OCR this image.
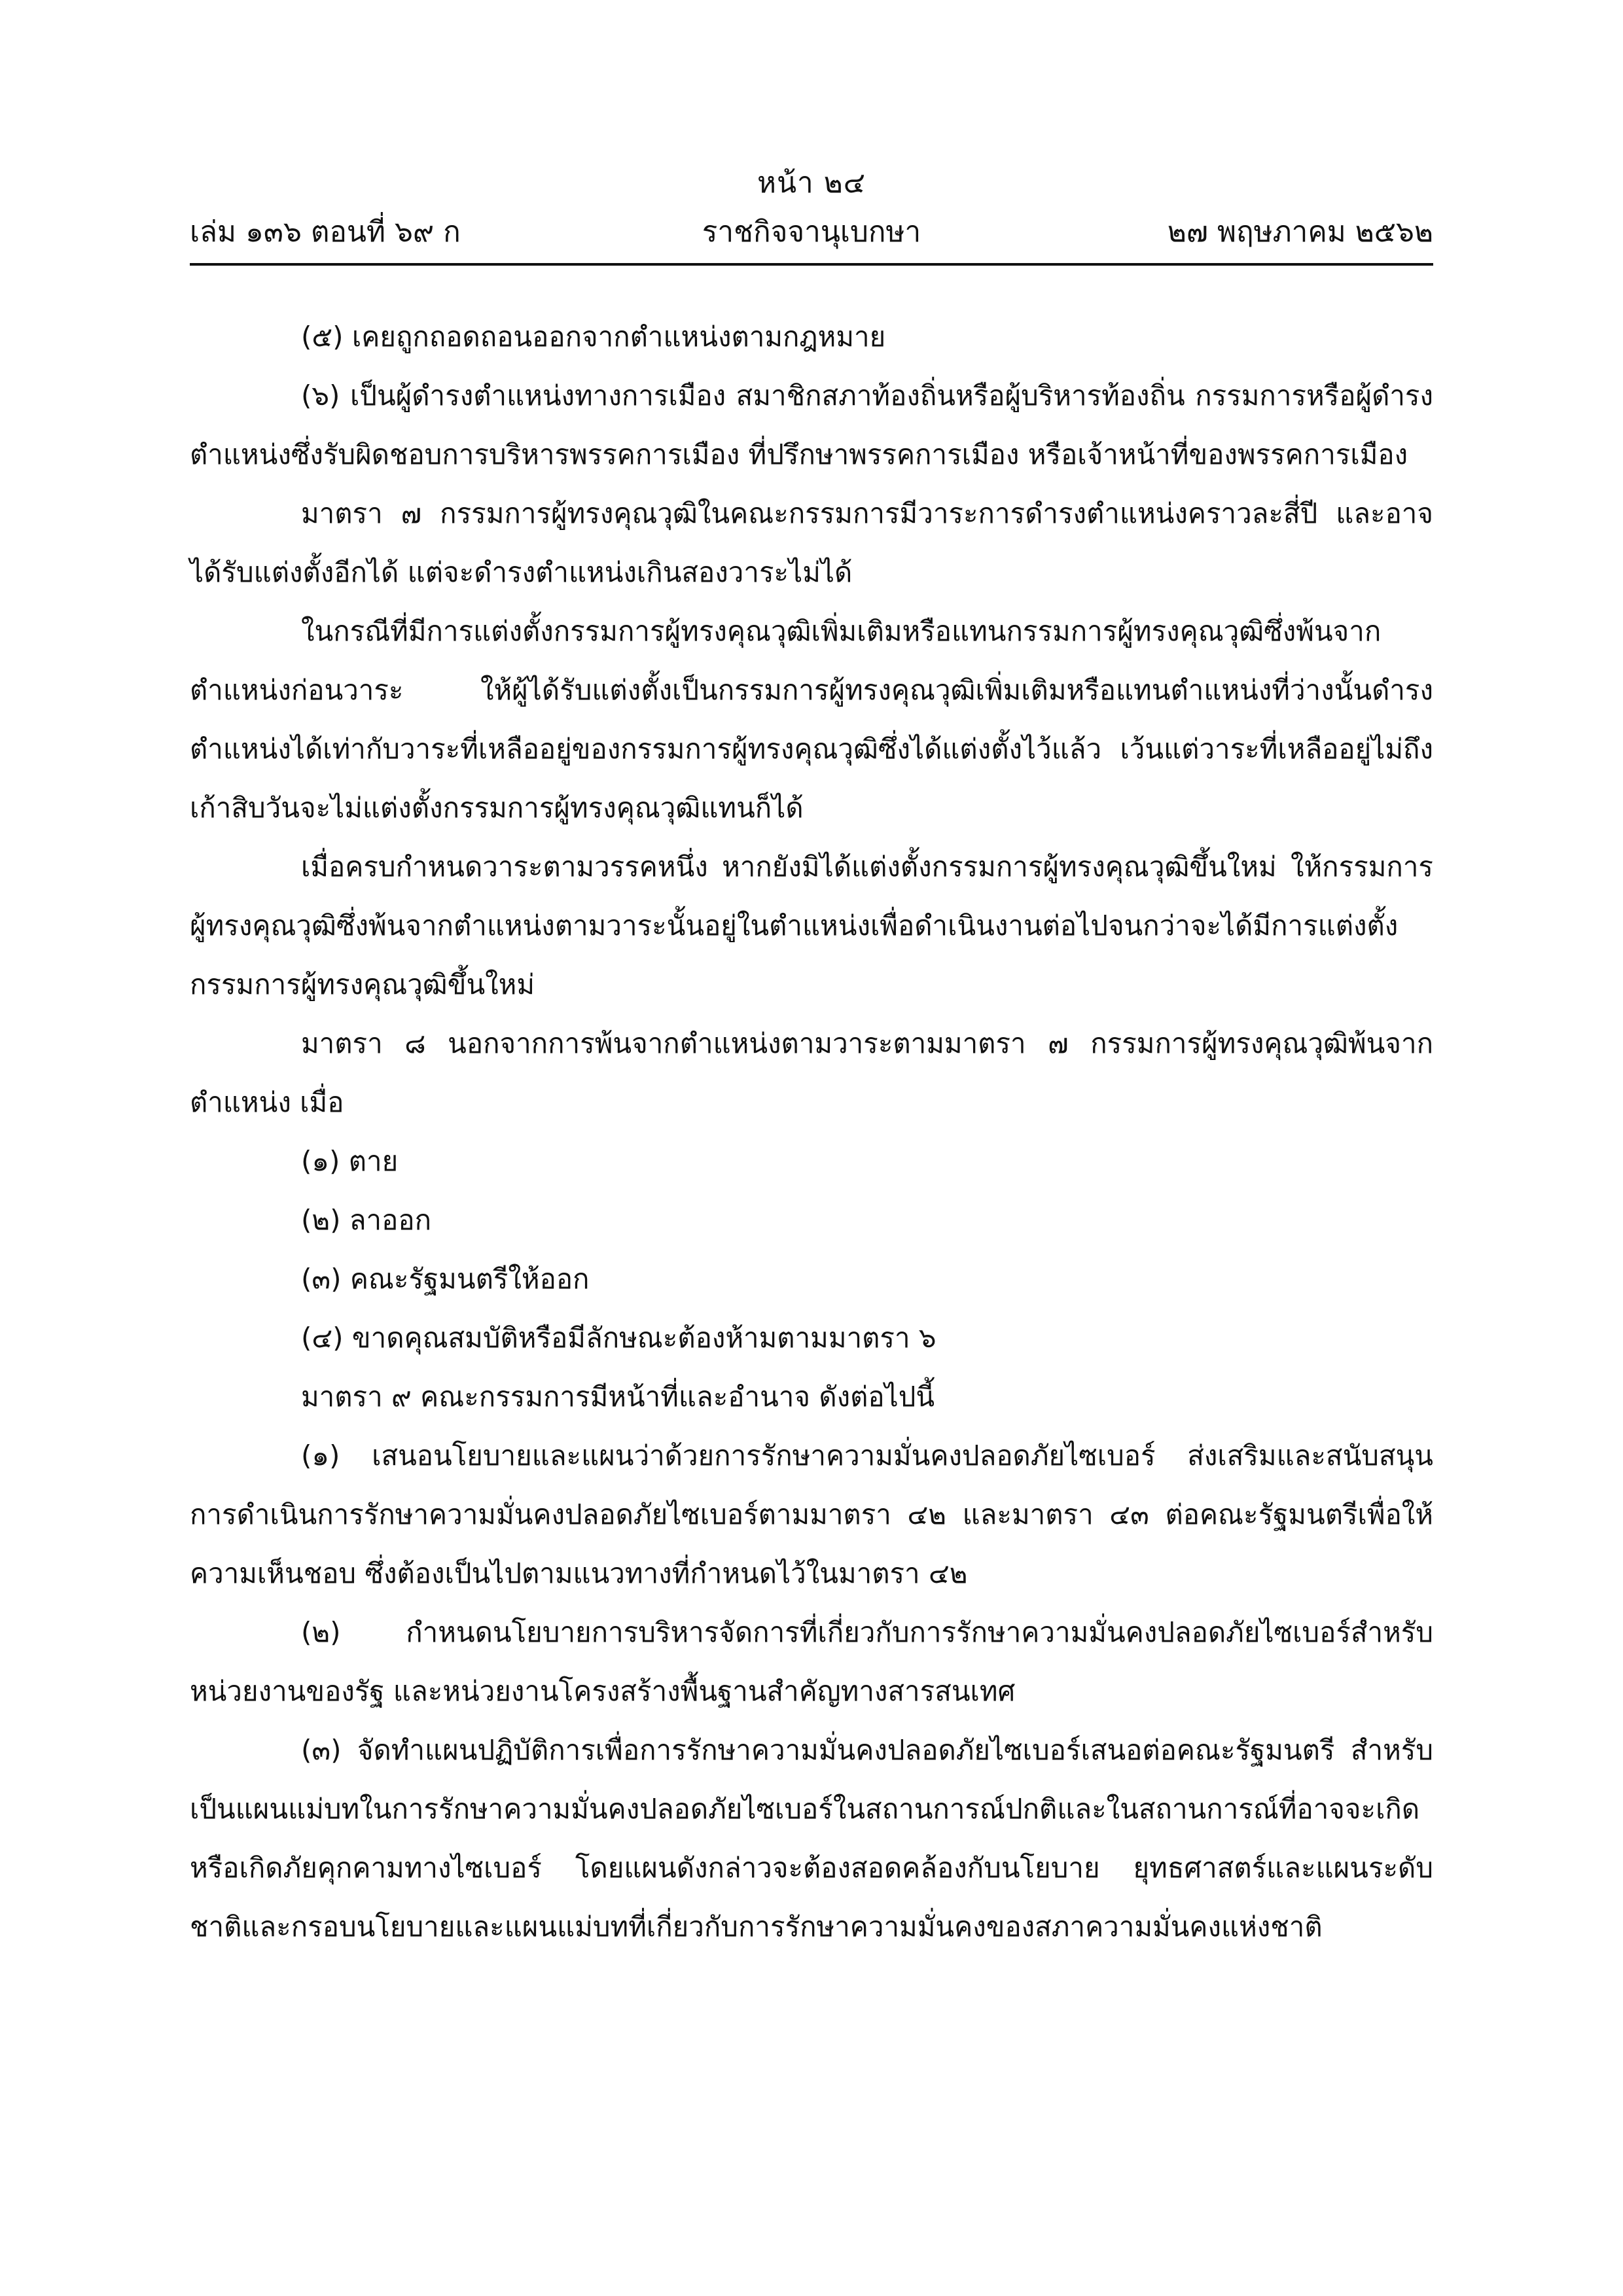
หน้า ๒๔
เล่ม ๑๓๖ ตอนที่ ๖๙ ก	ราชกิจจานุเบกษา	๒๗ พฤษภาคม ๒๕๖๒

(๕) เคยถูกถอดถอนออกจากตำแหน่งตามกฎหมาย

(๖) เป็นผู้ดำรงตำแหน่งทางการเมือง สมาชิกสภาท้องถิ่นหรือผู้บริหารท้องถิ่น กรรมการหรือผู้ดำรงตำแหน่งซึ่งรับผิดชอบการบริหารพรรคการเมือง ที่ปรึกษาพรรคการเมือง หรือเจ้าหน้าที่ของพรรคการเมือง

มาตรา ๗ กรรมการผู้ทรงคุณวุฒิในคณะกรรมการมีวาระการดำรงตำแหน่งคราวละสี่ปี และอาจได้รับแต่งตั้งอีกได้ แต่จะดำรงตำแหน่งเกินสองวาระไม่ได้

ในกรณีที่มีการแต่งตั้งกรรมการผู้ทรงคุณวุฒิเพิ่มเติมหรือแทนกรรมการผู้ทรงคุณวุฒิซึ่งพ้นจากตำแหน่งก่อนวาระ ให้ผู้ได้รับแต่งตั้งเป็นกรรมการผู้ทรงคุณวุฒิเพิ่มเติมหรือแทนตำแหน่งที่ว่างนั้นดำรงตำแหน่งได้เท่ากับวาระที่เหลืออยู่ของกรรมการผู้ทรงคุณวุฒิซึ่งได้แต่งตั้งไว้แล้ว เว้นแต่วาระที่เหลืออยู่ไม่ถึงเก้าสิบวันจะไม่แต่งตั้งกรรมการผู้ทรงคุณวุฒิแทนก็ได้

เมื่อครบกำหนดวาระตามวรรคหนึ่ง หากยังมิได้แต่งตั้งกรรมการผู้ทรงคุณวุฒิขึ้นใหม่ ให้กรรมการผู้ทรงคุณวุฒิซึ่งพ้นจากตำแหน่งตามวาระนั้นอยู่ในตำแหน่งเพื่อดำเนินงานต่อไปจนกว่าจะได้มีการแต่งตั้งกรรมการผู้ทรงคุณวุฒิขึ้นใหม่

มาตรา ๘ นอกจากการพ้นจากตำแหน่งตามวาระตามมาตรา ๗ กรรมการผู้ทรงคุณวุฒิพ้นจากตำแหน่ง เมื่อ

(๑) ตาย

(๒) ลาออก

(๓) คณะรัฐมนตรีให้ออก

(๔) ขาดคุณสมบัติหรือมีลักษณะต้องห้ามตามมาตรา ๖

มาตรา ๙ คณะกรรมการมีหน้าที่และอำนาจ ดังต่อไปนี้

(๑) เสนอนโยบายและแผนว่าด้วยการรักษาความมั่นคงปลอดภัยไซเบอร์ ส่งเสริมและสนับสนุนการดำเนินการรักษาความมั่นคงปลอดภัยไซเบอร์ตามมาตรา ๔๒ และมาตรา ๔๓ ต่อคณะรัฐมนตรีเพื่อให้ความเห็นชอบ ซึ่งต้องเป็นไปตามแนวทางที่กำหนดไว้ในมาตรา ๔๒

(๒) กำหนดนโยบายการบริหารจัดการที่เกี่ยวกับการรักษาความมั่นคงปลอดภัยไซเบอร์สำหรับหน่วยงานของรัฐ และหน่วยงานโครงสร้างพื้นฐานสำคัญทางสารสนเทศ

(๓) จัดทำแผนปฏิบัติการเพื่อการรักษาความมั่นคงปลอดภัยไซเบอร์เสนอต่อคณะรัฐมนตรี สำหรับเป็นแผนแม่บทในการรักษาความมั่นคงปลอดภัยไซเบอร์ในสถานการณ์ปกติและในสถานการณ์ที่อาจจะเกิดหรือเกิดภัยคุกคามทางไซเบอร์ โดยแผนดังกล่าวจะต้องสอดคล้องกับนโยบาย ยุทธศาสตร์และแผนระดับชาติและกรอบนโยบายและแผนแม่บทที่เกี่ยวกับการรักษาความมั่นคงของสภาความมั่นคงแห่งชาติ
